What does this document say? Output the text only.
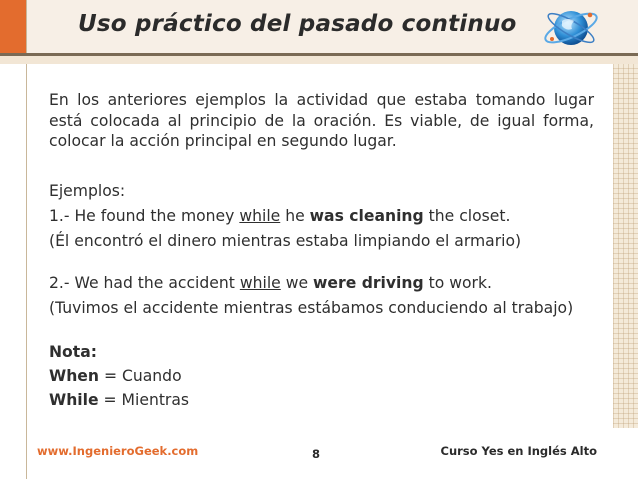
Uso práctico del pasado continuo

En los anteriores ejemplos la actividad que estaba tomando lugar está colocada al principio de la oración. Es viable, de igual forma, colocar la acción principal en segundo lugar.

Ejemplos:
1.- He found the money while he was cleaning the closet.
(Él encontró el dinero mientras estaba limpiando el armario)
2.- We had the accident while we were driving to work.
(Tuvimos el accidente mientras estábamos conduciendo al trabajo)
Nota:
When = Cuando
While = Mientras
www.IngenieroGeek.com	8	Curso Yes en Inglés Alto
